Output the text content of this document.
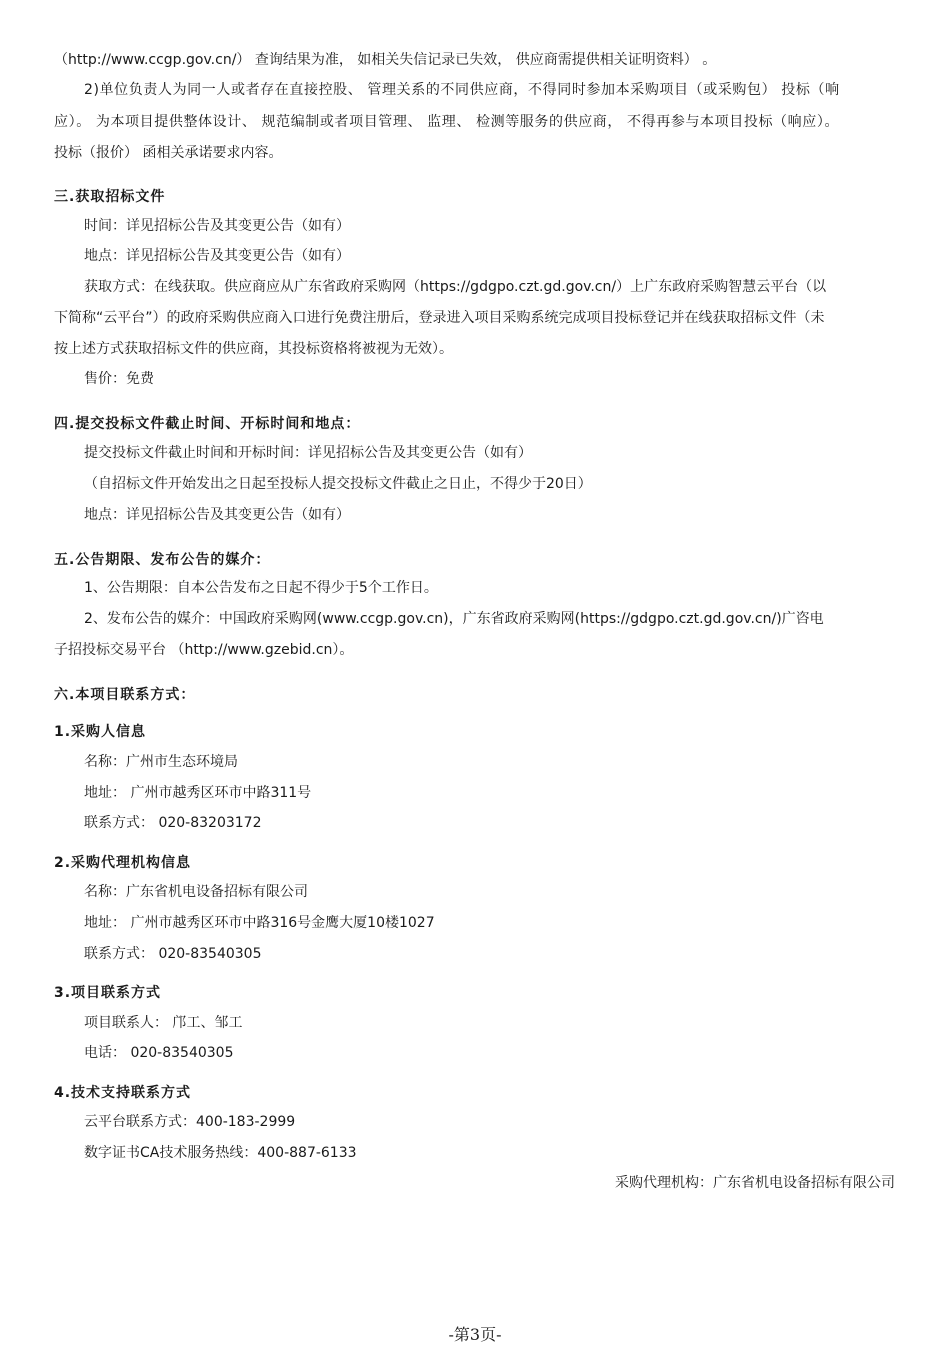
（http://www.ccgp.gov.cn/） 查询结果为准， 如相关失信记录已失效， 供应商需提供相关证明资料） 。
2)单位负责人为同一人或者存在直接控股、 管理关系的不同供应商，不得同时参加本采购项目（或采购包） 投标（响
应）。 为本项目提供整体设计、 规范编制或者项目管理、 监理、 检测等服务的供应商， 不得再参与本项目投标（响应）。
投标（报价） 函相关承诺要求内容。
三.获取招标文件
时间：详见招标公告及其变更公告（如有）
地点：详见招标公告及其变更公告（如有）
获取方式：在线获取。供应商应从广东省政府采购网（https://gdgpo.czt.gd.gov.cn/）上广东政府采购智慧云平台（以
下简称“云平台”）的政府采购供应商入口进行免费注册后，登录进入项目采购系统完成项目投标登记并在线获取招标文件（未
按上述方式获取招标文件的供应商，其投标资格将被视为无效）。
售价：免费
四.提交投标文件截止时间、开标时间和地点：
提交投标文件截止时间和开标时间：详见招标公告及其变更公告（如有）
（自招标文件开始发出之日起至投标人提交投标文件截止之日止，不得少于20日）
地点：详见招标公告及其变更公告（如有）
五.公告期限、发布公告的媒介：
1、公告期限：自本公告发布之日起不得少于5个工作日。
2、发布公告的媒介：中国政府采购网(www.ccgp.gov.cn)，广东省政府采购网(https://gdgpo.czt.gd.gov.cn/)广咨电
子招投标交易平台 （http://www.gzebid.cn）。
六.本项目联系方式：
1.采购人信息
名称：广州市生态环境局
地址： 广州市越秀区环市中路311号
联系方式： 020-83203172
2.采购代理机构信息
名称：广东省机电设备招标有限公司
地址： 广州市越秀区环市中路316号金鹰大厦10楼1027
联系方式： 020-83540305
3.项目联系方式
项目联系人： 邝工、邹工
电话： 020-83540305
4.技术支持联系方式
云平台联系方式：400-183-2999
数字证书CA技术服务热线：400-887-6133
采购代理机构：广东省机电设备招标有限公司
-第3页-
